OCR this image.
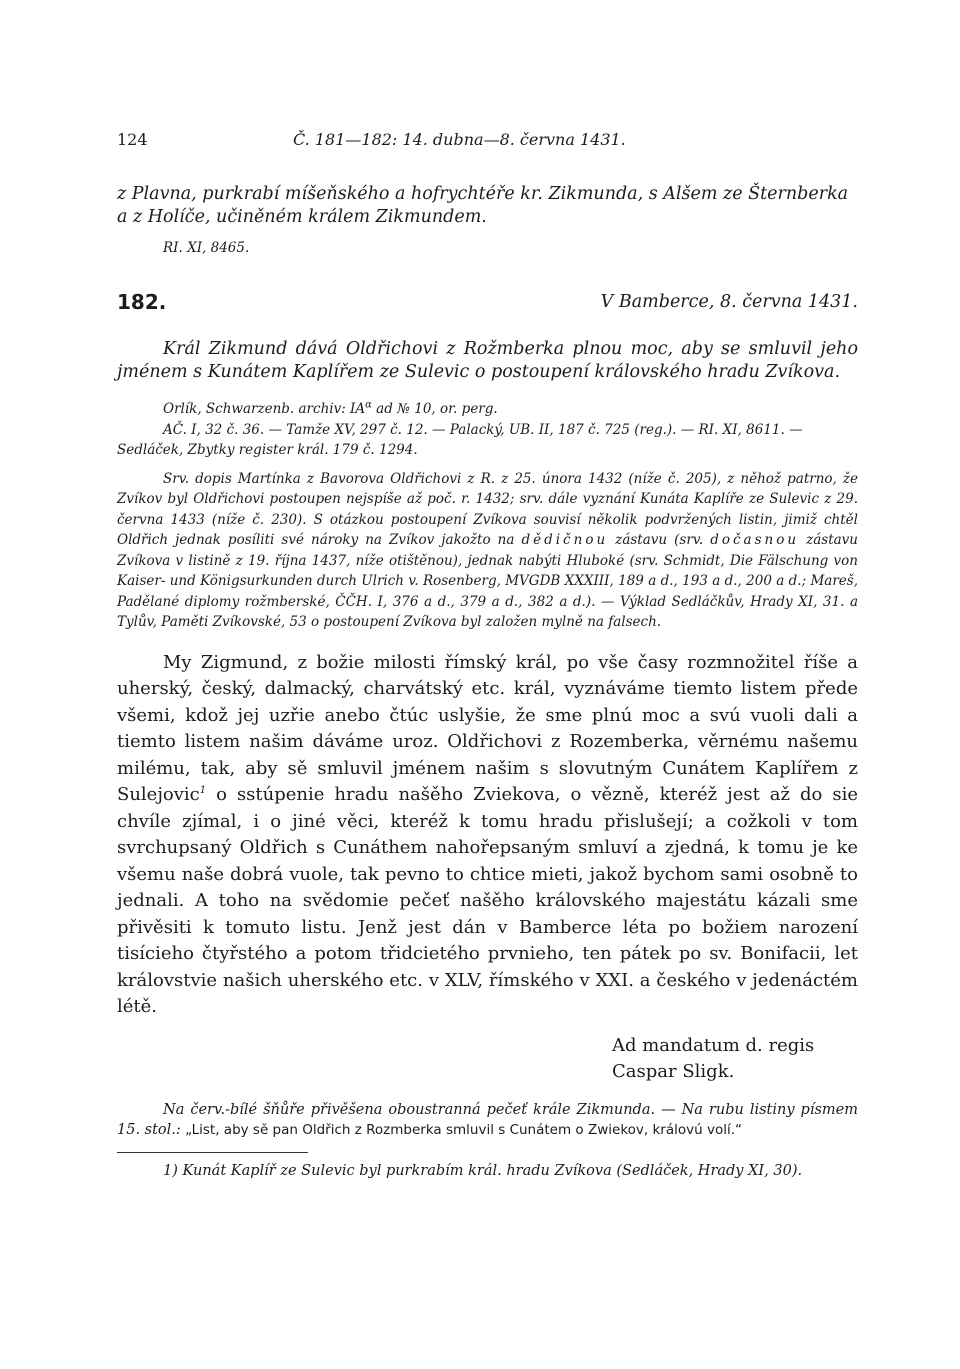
124	Č. 181—182: 14. dubna—8. června 1431.
z Plavna, purkrabí míšeňského a hofrychtéře kr. Zikmunda, s Alšem ze Šternberka a z Holíče, učiněném králem Zikmundem.
RI. XI, 8465.
182.	V Bamberce, 8. června 1431.
Král Zikmund dává Oldřichovi z Rožmberka plnou moc, aby se smluvil jeho jménem s Kunátem Kaplířem ze Sulevic o postoupení královského hradu Zvíkova.

Orlík, Schwarzenb. archiv: $IA^\alpha$ ad № 10, or. perg.

AČ. I, 32 č. 36. — Tamže XV, 297 č. 12. — Palacký, UB. II, 187 č. 725 (reg.). — RI. XI, 8611. —

Sedláček, Zbytky register král. 179 č. 1294.

Srv. dopis Martínka z Bavorova Oldřichovi z R. z 25. února 1432 (níže č. 205), z něhož patrno, že Zvíkov byl Oldřichovi postoupen nejspíše až poč. r. 1432; srv. dále vyznání Kunáta Kaplíře ze Sulevic z 29. června 1433 (níže č. 230). S otázkou postoupení Zvíkova souvisí několik podvržených listin, jimiž chtěl Oldřich jednak posíliti své nároky na Zvíkov jakožto na dědičnou zástavu (srv. dočasnou zástavu Zvíkova v listině z 19. října 1437, níže otištěnou), jednak nabýti Hluboké (srv. Schmidt, Die Fälschung von Kaiser- und Königsurkunden durch Ulrich v. Rosenberg, MVGDB XXXIII, 189 a d., 193 a d., 200 a d.; Mareš, Padělané diplomy rožmberské, ČČH. I, 376 a d., 379 a d., 382 a d.). — Výklad Sedláčkův, Hrady XI, 31. a Tylův, Paměti Zvíkovské, 53 o postoupení Zvíkova byl založen mylně na falsech.

My Zigmund, z božie milosti římský král, po vše časy rozmnožitel říše a uherský, český, dalmacký, charvátský etc. král, vyznáváme tiemto listem přede všemi, kdož jej uzřie anebo čtúc uslyšie, že sme plnú moc a svú vuoli dali a tiemto listem našim dáváme uroz. Oldřichovi z Rozemberka, věrnému našemu milému, tak, aby sě smluvil jménem našim s slovutným Cunátem Kaplířem z Sulejovic$^1$ o sstúpenie hradu našěho Zviekova, o vězně, kteréž jest až do sie chvíle zjímal, i o jiné věci, kteréž k tomu hradu přislušejí; a cožkoli v tom svrchupsaný Oldřich s Cunáthem nahořepsaným smluví a zjedná, k tomu je ke všemu naše dobrá vuole, tak pevno to chtice mieti, jakož bychom sami osobně to jednali. A toho na svědomie pečeť našěho královského majestátu kázali sme přivěsiti k tomuto listu. Jenž jest dán v Bamberce léta po božiem narození tisícieho čtyřstého a potom třidcietého prvnieho, ten pátek po sv. Bonifacii, let královstvie našich uherského etc. v XLV, římského v XXI. a českého v jedenáctém létě.
Ad mandatum d. regis
Caspar Sligk.
Na červ.-bílé šňůře přivěšena oboustranná pečeť krále Zikmunda. — Na rubu listiny písmem 15. stol.: „List, aby sě pan Oldřich z Rozmberka smluvil s Cunátem o Zwiekov, královú volí.“
1) Kunát Kaplíř ze Sulevic byl purkrabím král. hradu Zvíkova (Sedláček, Hrady XI, 30).
